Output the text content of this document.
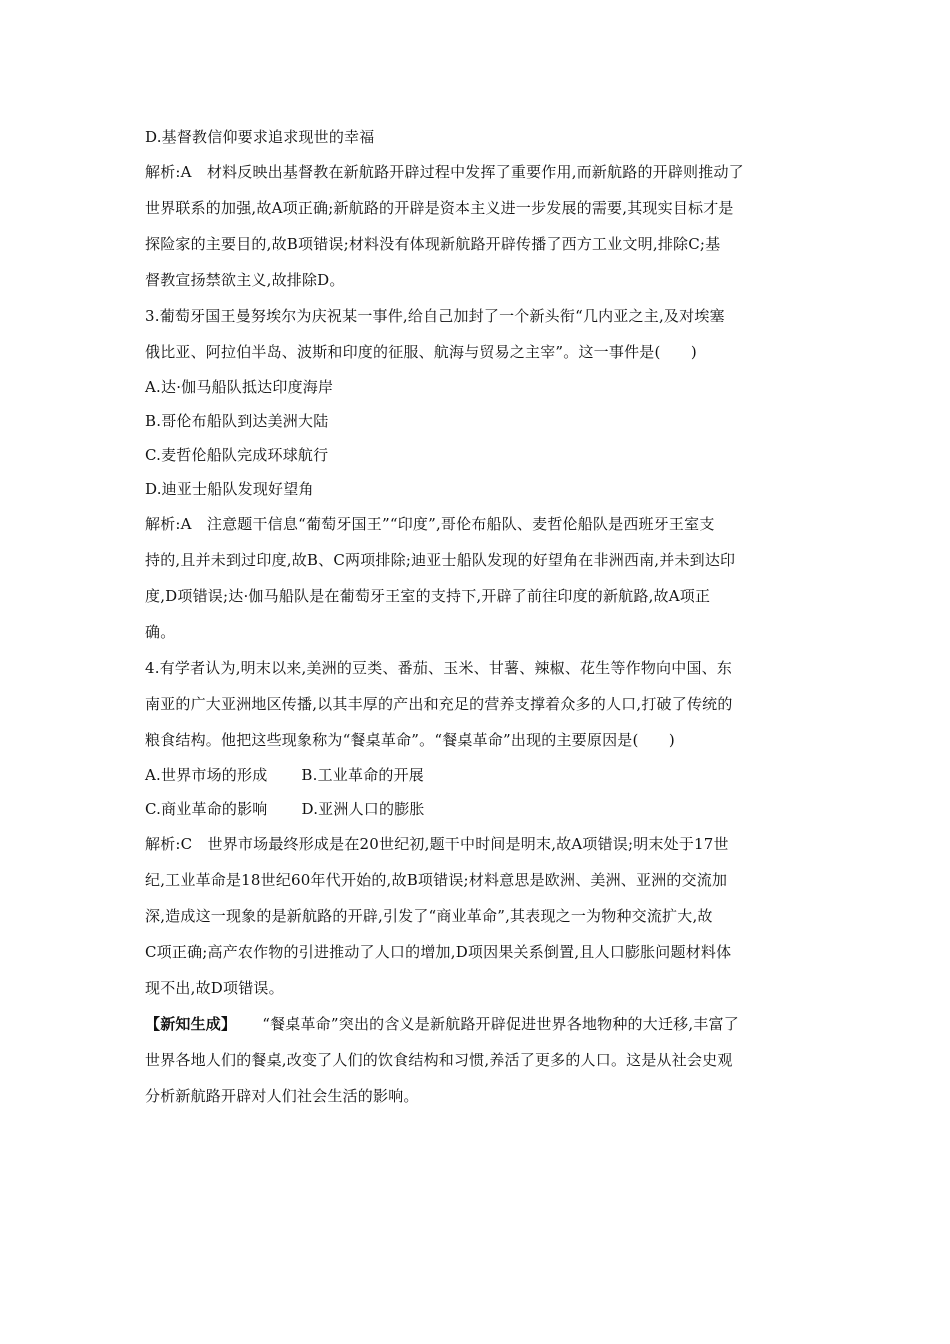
D.基督教信仰要求追求现世的幸福
解析:A　材料反映出基督教在新航路开辟过程中发挥了重要作用,而新航路的开辟则推动了
世界联系的加强,故A项正确;新航路的开辟是资本主义进一步发展的需要,其现实目标才是
探险家的主要目的,故B项错误;材料没有体现新航路开辟传播了西方工业文明,排除C;基
督教宣扬禁欲主义,故排除D。
3.葡萄牙国王曼努埃尔为庆祝某一事件,给自己加封了一个新头衔“几内亚之主,及对埃塞
俄比亚、阿拉伯半岛、波斯和印度的征服、航海与贸易之主宰”。这一事件是(　　)
A.达·伽马船队抵达印度海岸
B.哥伦布船队到达美洲大陆
C.麦哲伦船队完成环球航行
D.迪亚士船队发现好望角
解析:A　注意题干信息“葡萄牙国王”“印度”,哥伦布船队、麦哲伦船队是西班牙王室支
持的,且并未到过印度,故B、C两项排除;迪亚士船队发现的好望角在非洲西南,并未到达印
度,D项错误;达·伽马船队是在葡萄牙王室的支持下,开辟了前往印度的新航路,故A项正
确。
4.有学者认为,明末以来,美洲的豆类、番茄、玉米、甘薯、辣椒、花生等作物向中国、东
南亚的广大亚洲地区传播,以其丰厚的产出和充足的营养支撑着众多的人口,打破了传统的
粮食结构。他把这些现象称为“餐桌革命”。“餐桌革命”出现的主要原因是(　　)
A.世界市场的形成 B.工业革命的开展
C.商业革命的影响 D.亚洲人口的膨胀
解析:C　世界市场最终形成是在20世纪初,题干中时间是明末,故A项错误;明末处于17世
纪,工业革命是18世纪60年代开始的,故B项错误;材料意思是欧洲、美洲、亚洲的交流加
深,造成这一现象的是新航路的开辟,引发了“商业革命”,其表现之一为物种交流扩大,故
C项正确;高产农作物的引进推动了人口的增加,D项因果关系倒置,且人口膨胀问题材料体
现不出,故D项错误。
【新知生成】 “餐桌革命”突出的含义是新航路开辟促进世界各地物种的大迁移,丰富了
世界各地人们的餐桌,改变了人们的饮食结构和习惯,养活了更多的人口。这是从社会史观
分析新航路开辟对人们社会生活的影响。
